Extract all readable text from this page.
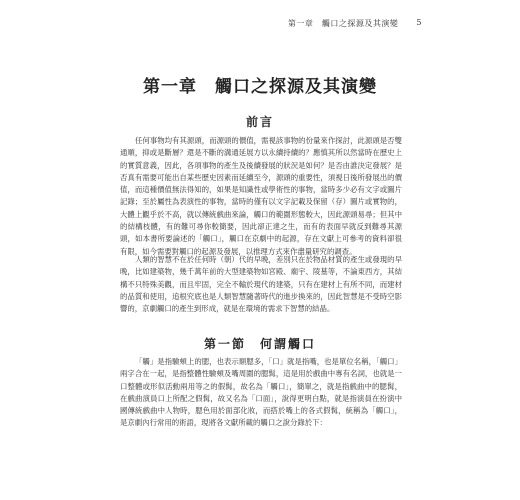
第一章　觸口之探源及其演變 5
第一章　觸口之探源及其演變
前言

任何事物均有其源頭，而源頭的價值，需視該事物的份量來作探討，此源頭是否雙通順，抑或是斷層？還是不斷的溝通延展方以永續持續的？應慎其所以然當時在歷史上的實質意義，因此，各項事物的產生及後續發展的狀況是如何？是否由誰決定發展？是否真有需要可能出自某些歷史因素而延續至今，源頭的重要性，須視日後所發展出的價值，而這種價值無法得知的，如果是知識性或學術性的事物，當時多少必有文字或圖片記錄；至於屬性為表演性的事物，當時的僅有以文字記載及保留（存）圖片或實物的，大體上觀乎於不高，就以傳統戲曲來論，觸口的範圍形態較大，因此源頭易尋；但其中的結構枝體，有的難可尋你較簡要，因此卻正達之生，而有的表面早就反到難尋其源頭，如本書所要論述的「觸口」，觸口在京劇中的起源，存在文獻上可參考的資料卻很有限，如今需要對觸口的起源及發展，以推理方式來作盡量研究的調查。

人類的智慧不在於任何時（朝）代的早晚，差別只在於物品材質的產生或發現的早晚，比如建築物，幾千萬年前的大型建築物如宮殿、廟宇、陵墓等，不論東西方，其結構不只特殊美觀，而且牢固，完全不輸於現代的建築，只有在建材上有所不同，而建材的品質和使用，追根究底也是人類智慧隨著時代的進步換來的，因此智慧是不受時空影響的，京劇觸口的產生到形成，就是在環境的需求下智慧的結晶。

第一節　何謂觸口

「觸」是指驗頰上的腮，也表示額腮多，「口」就是指嘴，也是單位名稱，「觸口」兩字合在一起，是指整體性驗頰及嘴周圍的腮髯，這是用於戲曲中專有名詞，也就是一口整體或形似活動兩用等之的假髯，故名為「觸口」，簡單之，就是指戲曲中的腮髯，在戲曲演員口上所配之假髯，故又名為「口面」，說得更明白點，就是指演員在扮演中國傳統戲曲中人物時，腮色用於面部化妝，而搭於嘴上的各式假髯，統稱為「觸口」，是京劇內行常用的術語，現將各文獻所載的觸口之說分錄於下：
